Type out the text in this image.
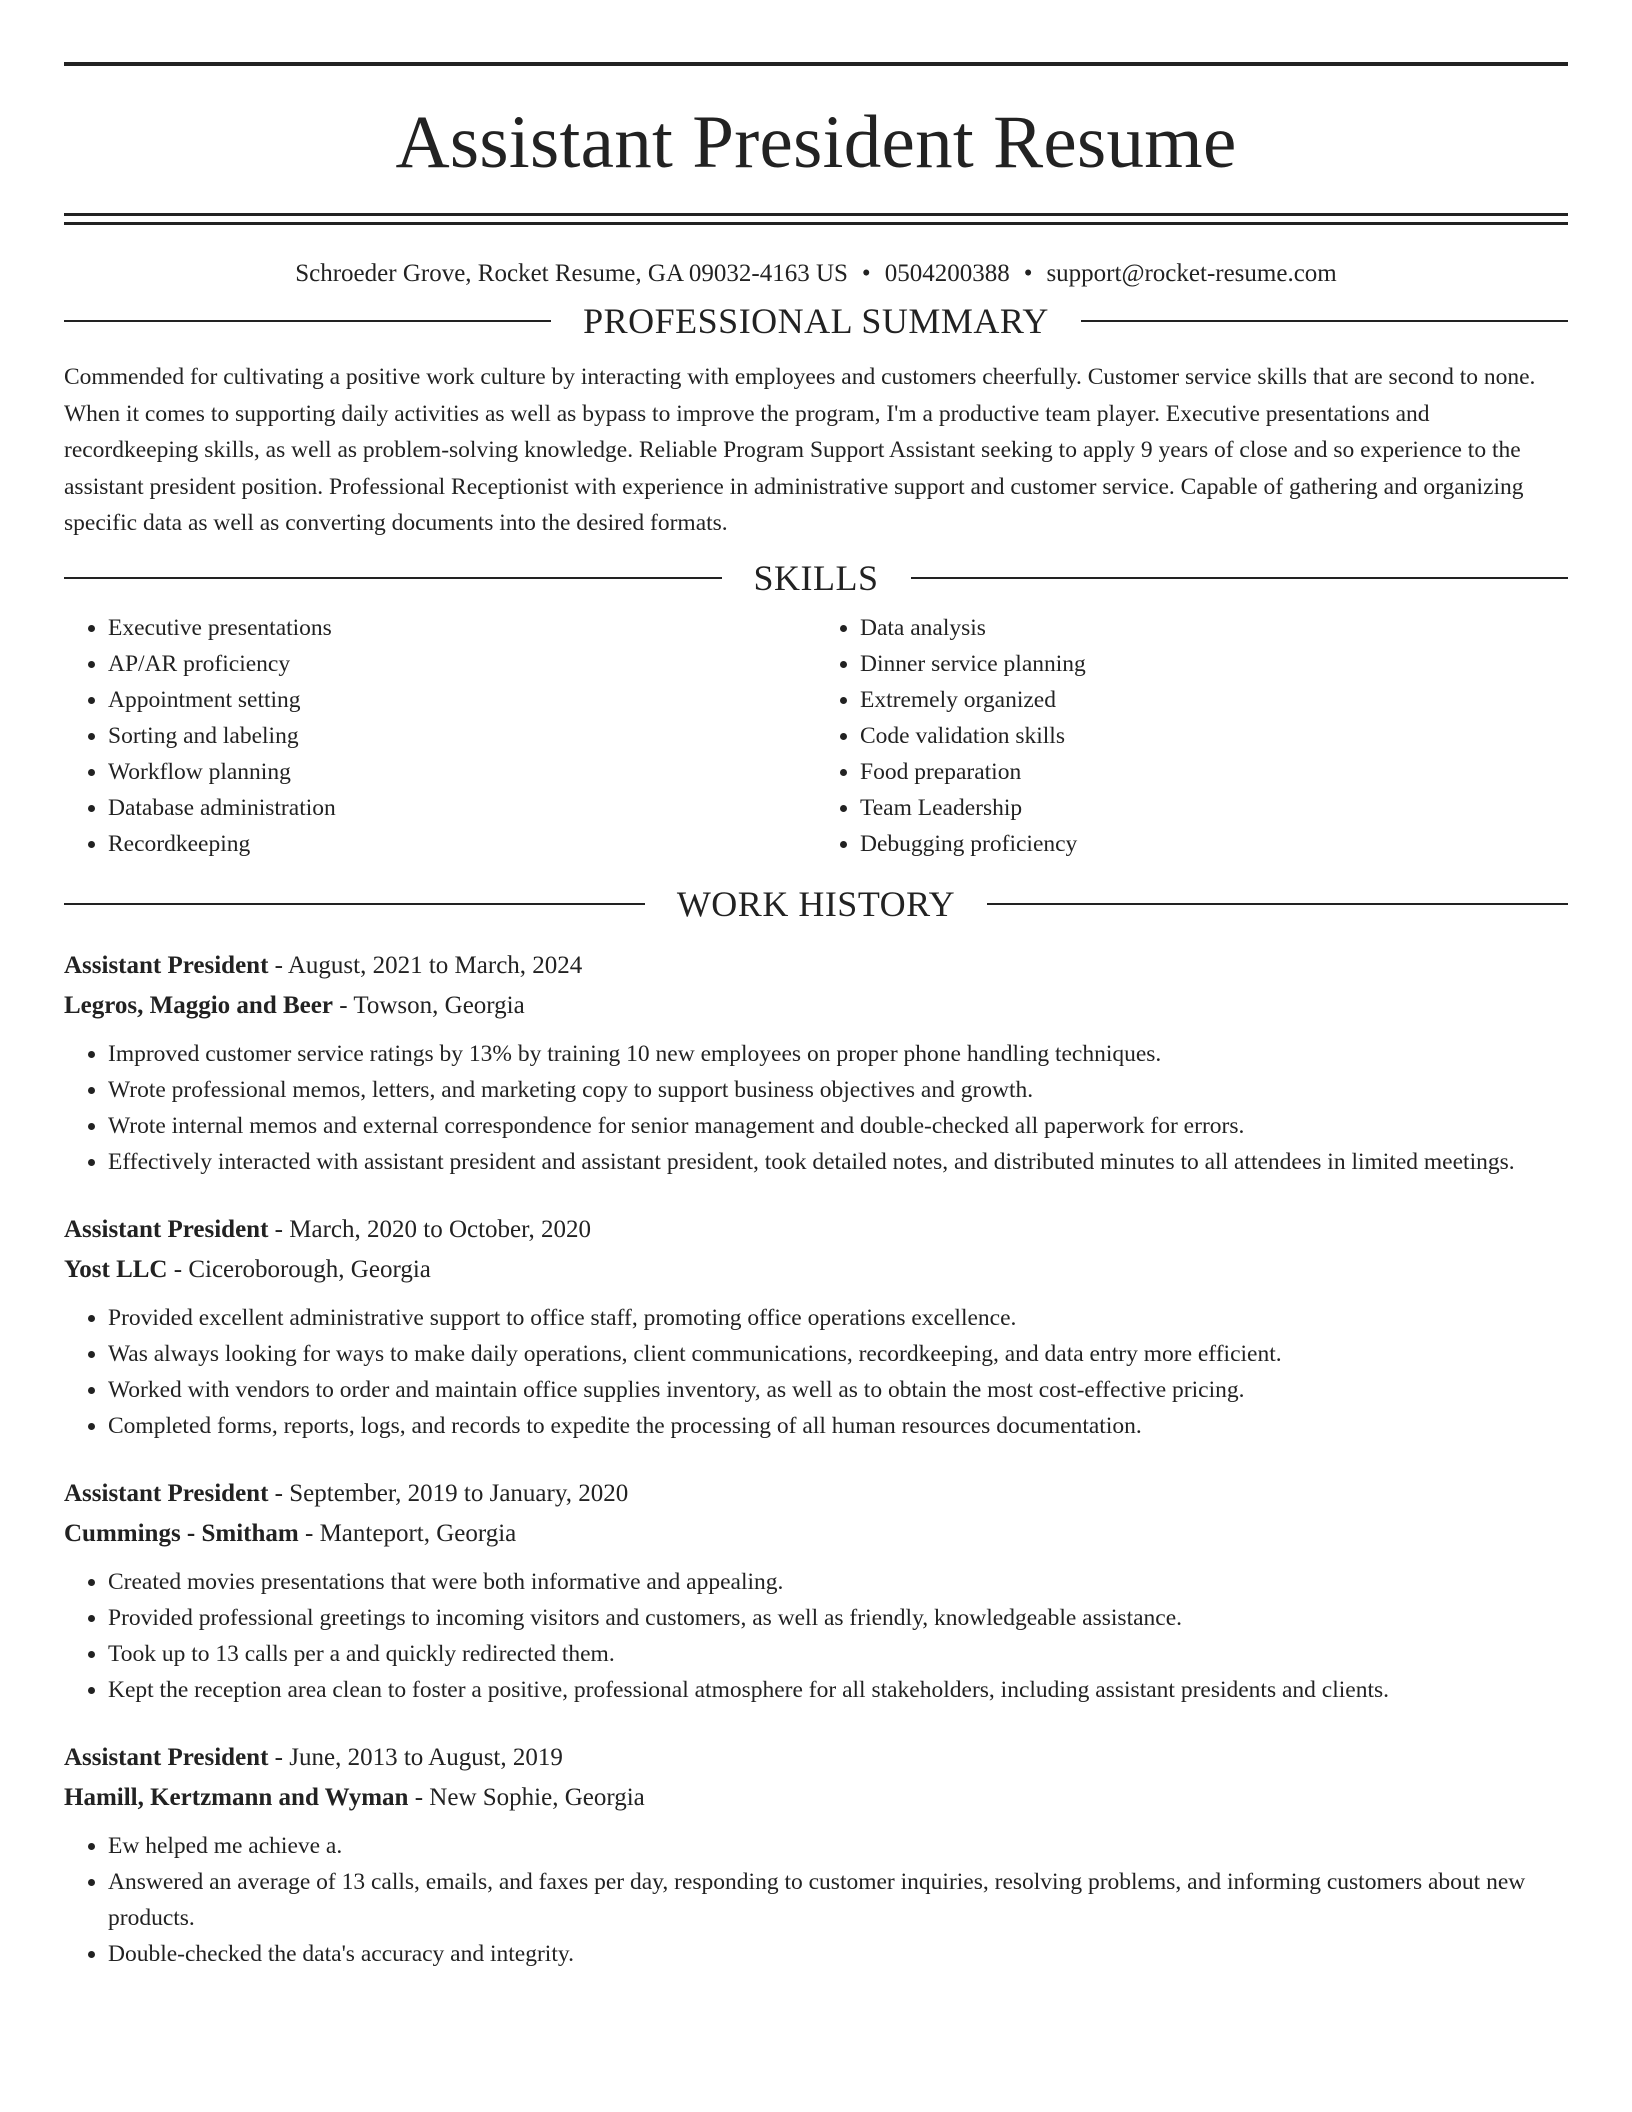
Assistant President Resume
Schroeder Grove, Rocket Resume, GA 09032-4163 US • 0504200388 • support@rocket-resume.com
PROFESSIONAL SUMMARY

Commended for cultivating a positive work culture by interacting with employees and customers cheerfully. Customer service skills that are second to none. When it comes to supporting daily activities as well as bypass to improve the program, I'm a productive team player. Executive presentations and recordkeeping skills, as well as problem-solving knowledge. Reliable Program Support Assistant seeking to apply 9 years of close and so experience to the assistant president position. Professional Receptionist with experience in administrative support and customer service. Capable of gathering and organizing specific data as well as converting documents into the desired formats.

SKILLS
• Executive presentations
• AP/AR proficiency
• Appointment setting
• Sorting and labeling
• Workflow planning
• Database administration
• Recordkeeping
• Data analysis
• Dinner service planning
• Extremely organized
• Code validation skills
• Food preparation
• Team Leadership
• Debugging proficiency
WORK HISTORY
Assistant President - August, 2021 to March, 2024
Legros, Maggio and Beer - Towson, Georgia
• Improved customer service ratings by 13% by training 10 new employees on proper phone handling techniques.
• Wrote professional memos, letters, and marketing copy to support business objectives and growth.
• Wrote internal memos and external correspondence for senior management and double-checked all paperwork for errors.
• Effectively interacted with assistant president and assistant president, took detailed notes, and distributed minutes to all attendees in limited meetings.
Assistant President - March, 2020 to October, 2020
Yost LLC - Ciceroborough, Georgia
• Provided excellent administrative support to office staff, promoting office operations excellence.
• Was always looking for ways to make daily operations, client communications, recordkeeping, and data entry more efficient.
• Worked with vendors to order and maintain office supplies inventory, as well as to obtain the most cost-effective pricing.
• Completed forms, reports, logs, and records to expedite the processing of all human resources documentation.
Assistant President - September, 2019 to January, 2020
Cummings - Smitham - Manteport, Georgia
• Created movies presentations that were both informative and appealing.
• Provided professional greetings to incoming visitors and customers, as well as friendly, knowledgeable assistance.
• Took up to 13 calls per a and quickly redirected them.
• Kept the reception area clean to foster a positive, professional atmosphere for all stakeholders, including assistant presidents and clients.
Assistant President - June, 2013 to August, 2019
Hamill, Kertzmann and Wyman - New Sophie, Georgia
• Ew helped me achieve a.
• Answered an average of 13 calls, emails, and faxes per day, responding to customer inquiries, resolving problems, and informing customers about new products.
• Double-checked the data's accuracy and integrity.
